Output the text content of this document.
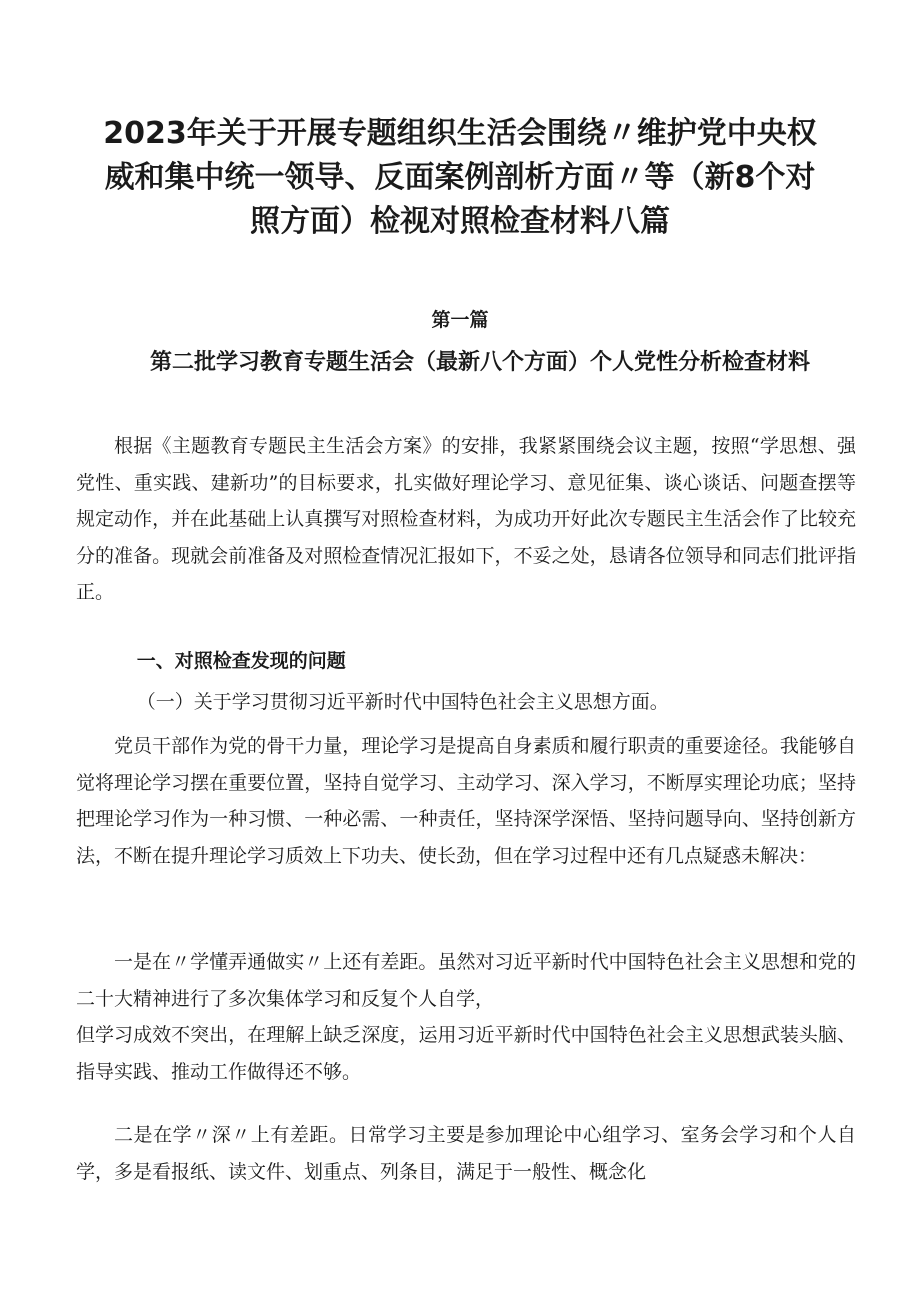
2023年关于开展专题组织生活会围绕〃维护党中央权威和集中统一领导、反面案例剖析方面〃等（新8个对照方面）检视对照检查材料八篇
第一篇
第二批学习教育专题生活会（最新八个方面）个人党性分析检查材料
根据《主题教育专题民主生活会方案》的安排，我紧紧围绕会议主题，按照“学思想、强党性、重实践、建新功”的目标要求，扎实做好理论学习、意见征集、谈心谈话、问题查摆等规定动作，并在此基础上认真撰写对照检查材料，为成功开好此次专题民主生活会作了比较充分的准备。现就会前准备及对照检查情况汇报如下，不妥之处，恳请各位领导和同志们批评指正。
一、对照检查发现的问题
（一）关于学习贯彻习近平新时代中国特色社会主义思想方面。
党员干部作为党的骨干力量，理论学习是提高自身素质和履行职责的重要途径。我能够自觉将理论学习摆在重要位置，坚持自觉学习、主动学习、深入学习，不断厚实理论功底；坚持把理论学习作为一种习惯、一种必需、一种责任，坚持深学深悟、坚持问题导向、坚持创新方法，不断在提升理论学习质效上下功夫、使长劲，但在学习过程中还有几点疑惑未解决：
一是在〃学懂弄通做实〃上还有差距。虽然对习近平新时代中国特色社会主义思想和党的二十大精神进行了多次集体学习和反复个人自学，
但学习成效不突出，在理解上缺乏深度，运用习近平新时代中国特色社会主义思想武装头脑、指导实践、推动工作做得还不够。
二是在学〃深〃上有差距。日常学习主要是参加理论中心组学习、室务会学习和个人自学，多是看报纸、读文件、划重点、列条目，满足于一般性、概念化
